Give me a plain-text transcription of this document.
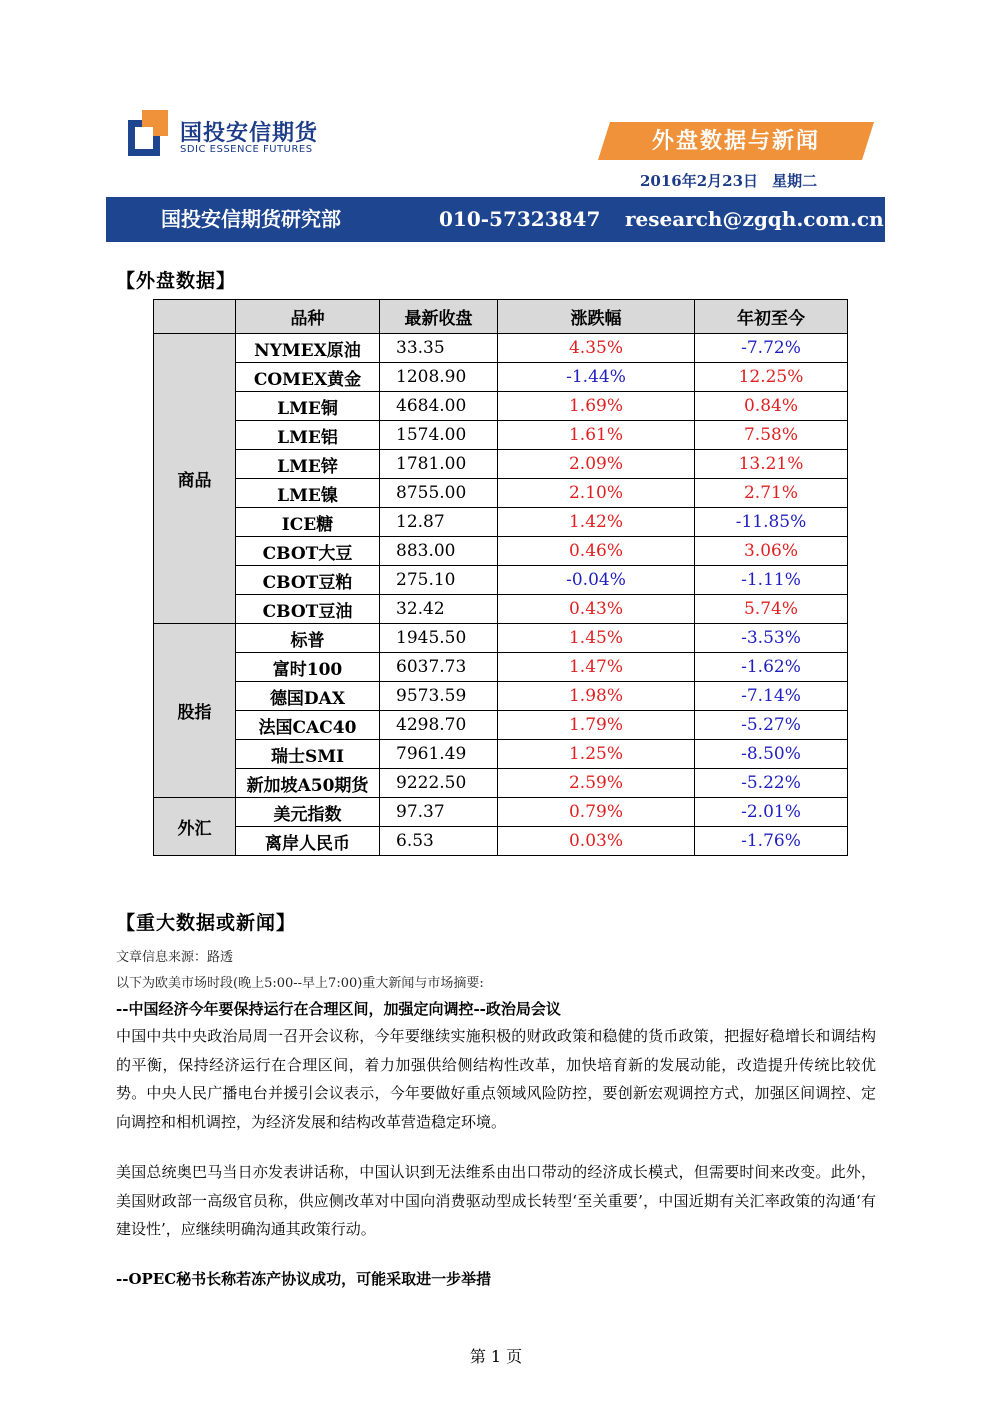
国投安信期货
SDIC ESSENCE FUTURES	外盘数据与新闻
2016年2月23日 星期二
国投安信期货研究部	010-57323847 research@zgqh.com.cn
【外盘数据】
	品种	最新收盘	涨跌幅	年初至今
商品	NYMEX原油	33.35	4.35%	-7.72%
	COMEX黄金	1208.90	-1.44%	12.25%
	LME铜	4684.00	1.69%	0.84%
	LME铝	1574.00	1.61%	7.58%
	LME锌	1781.00	2.09%	13.21%
	LME镍	8755.00	2.10%	2.71%
	ICE糖	12.87	1.42%	-11.85%
	CBOT大豆	883.00	0.46%	3.06%
	CBOT豆粕	275.10	-0.04%	-1.11%
	CBOT豆油	32.42	0.43%	5.74%
股指	标普	1945.50	1.45%	-3.53%
	富时100	6037.73	1.47%	-1.62%
	德国DAX	9573.59	1.98%	-7.14%
	法国CAC40	4298.70	1.79%	-5.27%
	瑞士SMI	7961.49	1.25%	-8.50%
	新加坡A50期货	9222.50	2.59%	-5.22%
外汇	美元指数	97.37	0.79%	-2.01%
	离岸人民币	6.53	0.03%	-1.76%
【重大数据或新闻】
文章信息来源：路透
以下为欧美市场时段(晚上5:00--早上7:00)重大新闻与市场摘要:
--中国经济今年要保持运行在合理区间，加强定向调控--政治局会议
中国中共中央政治局周一召开会议称，今年要继续实施积极的财政政策和稳健的货币政策，把握好稳增长和调结构的平衡，保持经济运行在合理区间，着力加强供给侧结构性改革，加快培育新的发展动能，改造提升传统比较优势。中央人民广播电台并援引会议表示，今年要做好重点领域风险防控，要创新宏观调控方式，加强区间调控、定向调控和相机调控，为经济发展和结构改革营造稳定环境。
美国总统奥巴马当日亦发表讲话称，中国认识到无法维系由出口带动的经济成长模式，但需要时间来改变。此外，美国财政部一高级官员称，供应侧改革对中国向消费驱动型成长转型‘至关重要’，中国近期有关汇率政策的沟通‘有建设性’，应继续明确沟通其政策行动。
--OPEC秘书长称若冻产协议成功，可能采取进一步举措
第 1 页
